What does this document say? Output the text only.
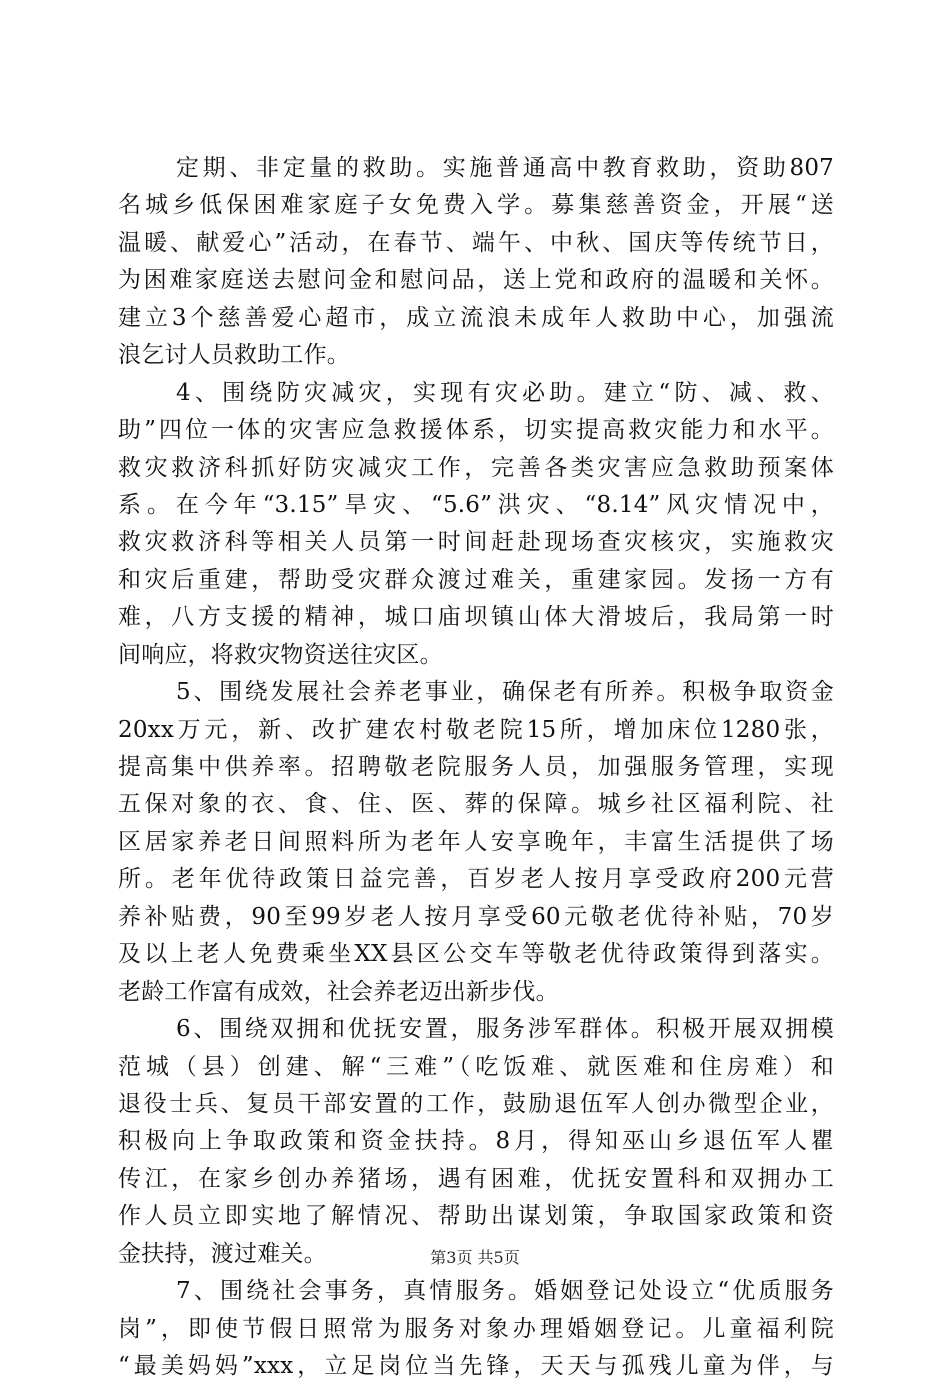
定期、非定量的救助。实施普通高中教育救助，资助807
名城乡低保困难家庭子女免费入学。募集慈善资金，开展“送
温暖、献爱心”活动，在春节、端午、中秋、国庆等传统节日，
为困难家庭送去慰问金和慰问品，送上党和政府的温暖和关怀。
建立3个慈善爱心超市，成立流浪未成年人救助中心，加强流
浪乞讨人员救助工作。
4、围绕防灾减灾，实现有灾必助。建立“防、减、救、
助”四位一体的灾害应急救援体系，切实提高救灾能力和水平。
救灾救济科抓好防灾减灾工作，完善各类灾害应急救助预案体
系。在今年“3.15”旱灾、“5.6”洪灾、“8.14”风灾情况中，
救灾救济科等相关人员第一时间赶赴现场查灾核灾，实施救灾
和灾后重建，帮助受灾群众渡过难关，重建家园。发扬一方有
难，八方支援的精神，城口庙坝镇山体大滑坡后，我局第一时
间响应，将救灾物资送往灾区。
5、围绕发展社会养老事业，确保老有所养。积极争取资金
20xx万元，新、改扩建农村敬老院15所，增加床位1280张，
提高集中供养率。招聘敬老院服务人员，加强服务管理，实现
五保对象的衣、食、住、医、葬的保障。城乡社区福利院、社
区居家养老日间照料所为老年人安享晚年，丰富生活提供了场
所。老年优待政策日益完善，百岁老人按月享受政府200元营
养补贴费，90至99岁老人按月享受60元敬老优待补贴，70岁
及以上老人免费乘坐XX县区公交车等敬老优待政策得到落实。
老龄工作富有成效，社会养老迈出新步伐。
6、围绕双拥和优抚安置，服务涉军群体。积极开展双拥模
范城（县）创建、解“三难”（吃饭难、就医难和住房难）和
退役士兵、复员干部安置的工作，鼓励退伍军人创办微型企业，
积极向上争取政策和资金扶持。8月，得知巫山乡退伍军人瞿
传江，在家乡创办养猪场，遇有困难，优抚安置科和双拥办工
作人员立即实地了解情况、帮助出谋划策，争取国家政策和资
金扶持，渡过难关。
7、围绕社会事务，真情服务。婚姻登记处设立“优质服务
岗”，即使节假日照常为服务对象办理婚姻登记。儿童福利院
“最美妈妈”xxx，立足岗位当先锋，天天与孤残儿童为伴，与
第3页 共5页
